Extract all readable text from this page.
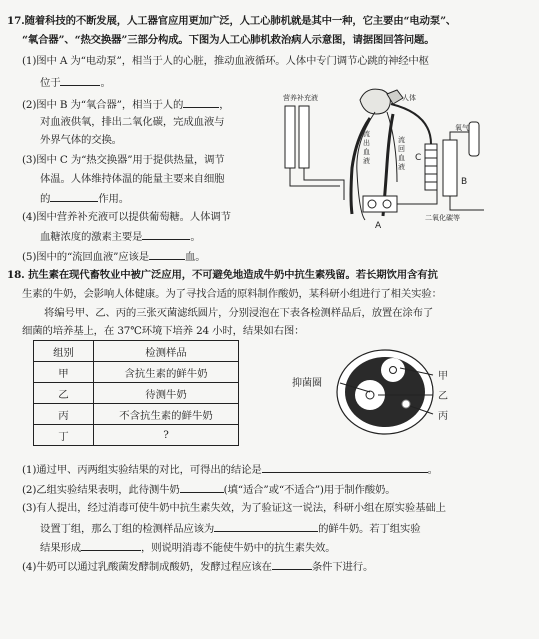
17.随着科技的不断发展，人工器官应用更加广泛，人工心肺机就是其中一种，它主要由“电动泵”、
“氧合器”、“热交换器”三部分构成。下图为人工心肺机救治病人示意图，请据图回答问题。
(1)图中 A 为“电动泵”，相当于人的心脏，推动血液循环。人体中专门调节心跳的神经中枢
位于	。
(2)图中 B 为“氧合器”，相当于人的	，
对血液供氧，排出二氧化碳，完成血液与
外界气体的交换。
(3)图中 C 为“热交换器”用于提供热量，调节
体温。人体维持体温的能量主要来自细胞
的	作用。
(4)图中营养补充液可以提供葡萄糖。人体调节
血糖浓度的激素主要是	。
(5)图中的“流回血液”应该是	血。
人体
营养补充液
流
出
血
液
流
回
血
液
氧气
二氧化碳等
A
B
C
18. 抗生素在现代畜牧业中被广泛应用，不可避免地造成牛奶中抗生素残留。若长期饮用含有抗
生素的牛奶，会影响人体健康。为了寻找合适的原料制作酸奶，某科研小组进行了相关实验：
将编号甲、乙、丙的三张灭菌滤纸圆片，分别浸泡在下表各检测样品后，放置在涂布了
细菌的培养基上，在 37℃环境下培养 24 小时，结果如右图：
组别	检测样品
甲	含抗生素的鲜牛奶
乙	待测牛奶
丙	不含抗生素的鲜牛奶
丁	?
抑菌圈
甲
乙
丙
(1)通过甲、丙两组实验结果的对比，可得出的结论是	。
(2)乙组实验结果表明，此待测牛奶	(填“适合”或“不适合”)用于制作酸奶。
(3)有人提出，经过消毒可使牛奶中抗生素失效，为了验证这一说法，科研小组在原实验基础上
设置丁组，那么丁组的检测样品应该为	的鲜牛奶。若丁组实验
结果形成	，则说明消毒不能使牛奶中的抗生素失效。
(4)牛奶可以通过乳酸菌发酵制成酸奶，发酵过程应该在	条件下进行。
